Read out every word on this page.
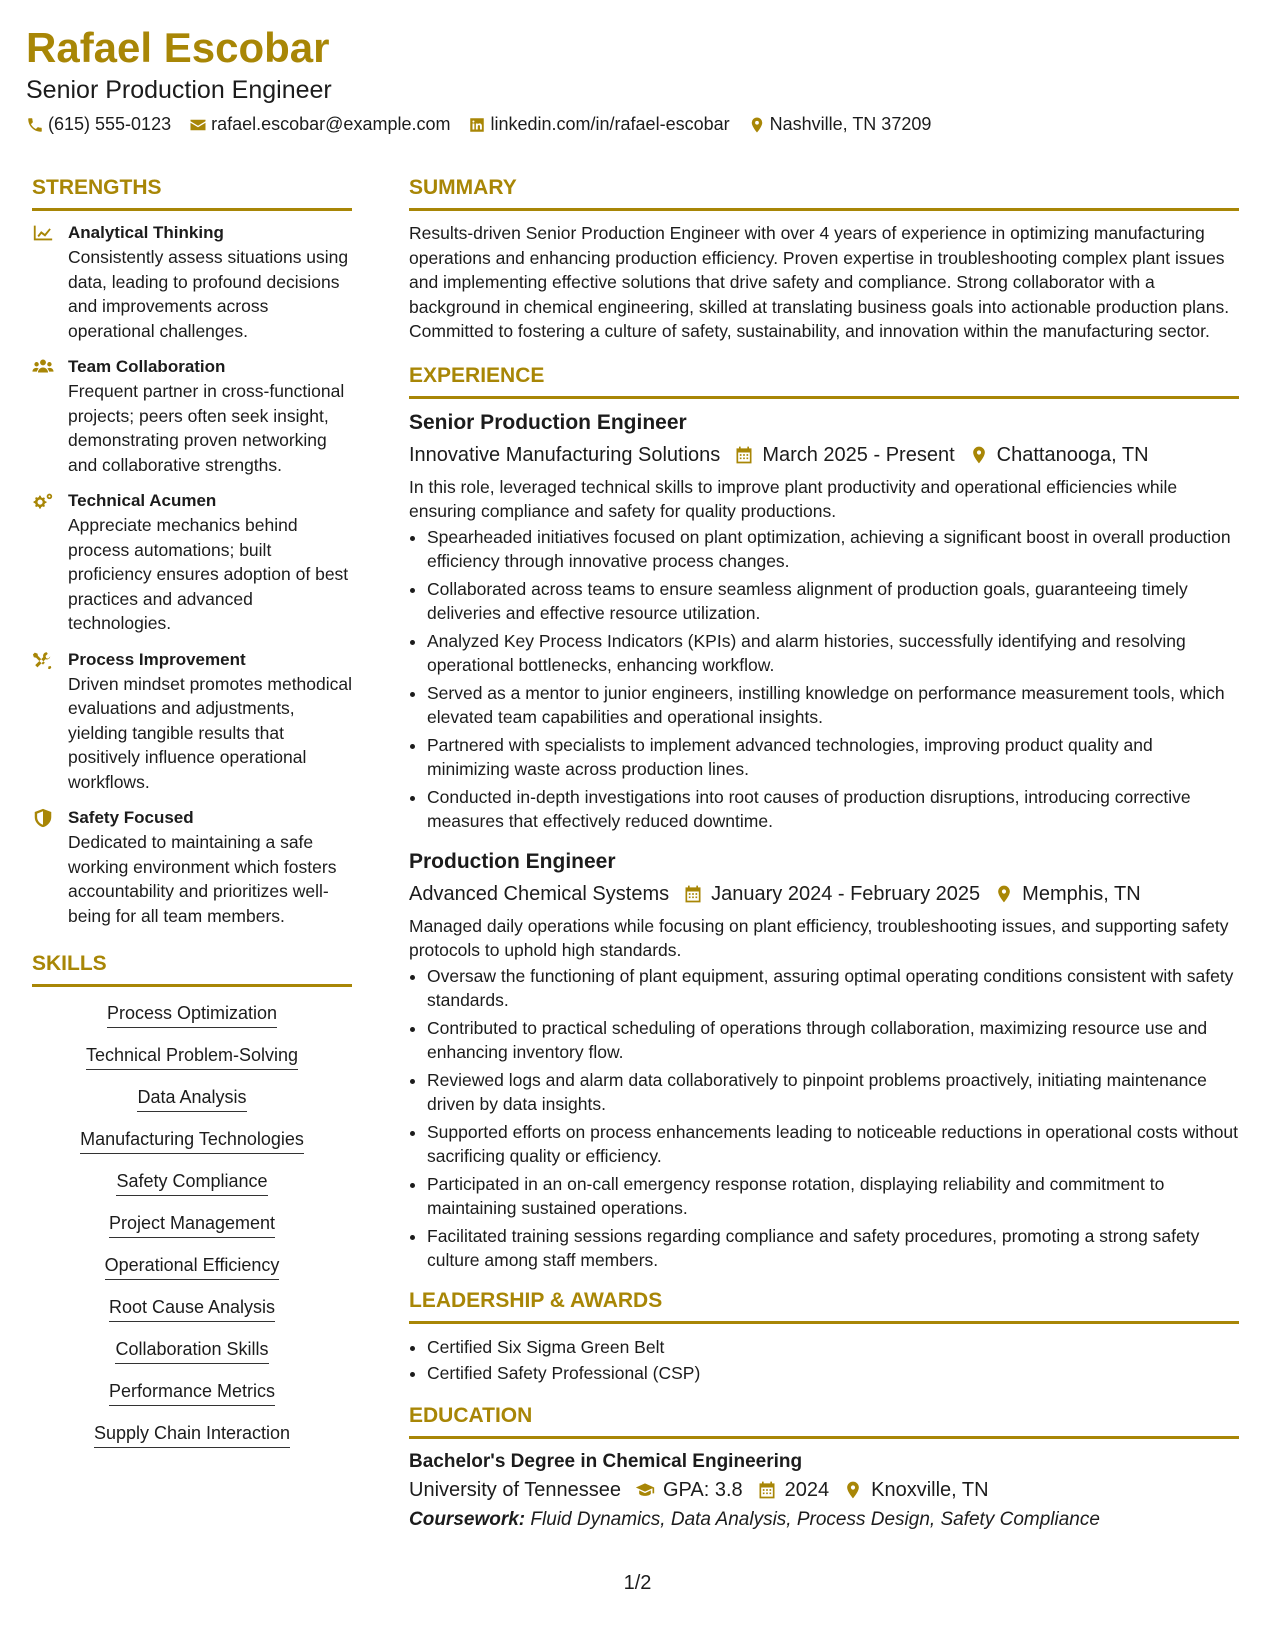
Rafael Escobar
Senior Production Engineer
(615) 555-0123 rafael.escobar@example.com linkedin.com/in/rafael-escobar Nashville, TN 37209
STRENGTHS
Analytical Thinking
Consistently assess situations using data, leading to profound decisions and improvements across operational challenges.
Team Collaboration
Frequent partner in cross-functional projects; peers often seek insight, demonstrating proven networking and collaborative strengths.
Technical Acumen
Appreciate mechanics behind process automations; built proficiency ensures adoption of best practices and advanced technologies.
Process Improvement
Driven mindset promotes methodical evaluations and adjustments, yielding tangible results that positively influence operational workflows.
Safety Focused
Dedicated to maintaining a safe working environment which fosters accountability and prioritizes well-being for all team members.
SKILLS
Process Optimization
Technical Problem-Solving
Data Analysis
Manufacturing Technologies
Safety Compliance
Project Management
Operational Efficiency
Root Cause Analysis
Collaboration Skills
Performance Metrics
Supply Chain Interaction
SUMMARY

Results-driven Senior Production Engineer with over 4 years of experience in optimizing manufacturing operations and enhancing production efficiency. Proven expertise in troubleshooting complex plant issues and implementing effective solutions that drive safety and compliance. Strong collaborator with a background in chemical engineering, skilled at translating business goals into actionable production plans. Committed to fostering a culture of safety, sustainability, and innovation within the manufacturing sector.

EXPERIENCE
Senior Production Engineer
Innovative Manufacturing Solutions March 2025 - Present Chattanooga, TN
In this role, leveraged technical skills to improve plant productivity and operational efficiencies while ensuring compliance and safety for quality productions.
• Spearheaded initiatives focused on plant optimization, achieving a significant boost in overall production efficiency through innovative process changes.
• Collaborated across teams to ensure seamless alignment of production goals, guaranteeing timely deliveries and effective resource utilization.
• Analyzed Key Process Indicators (KPIs) and alarm histories, successfully identifying and resolving operational bottlenecks, enhancing workflow.
• Served as a mentor to junior engineers, instilling knowledge on performance measurement tools, which elevated team capabilities and operational insights.
• Partnered with specialists to implement advanced technologies, improving product quality and minimizing waste across production lines.
• Conducted in-depth investigations into root causes of production disruptions, introducing corrective measures that effectively reduced downtime.
Production Engineer
Advanced Chemical Systems January 2024 - February 2025 Memphis, TN
Managed daily operations while focusing on plant efficiency, troubleshooting issues, and supporting safety protocols to uphold high standards.
• Oversaw the functioning of plant equipment, assuring optimal operating conditions consistent with safety standards.
• Contributed to practical scheduling of operations through collaboration, maximizing resource use and enhancing inventory flow.
• Reviewed logs and alarm data collaboratively to pinpoint problems proactively, initiating maintenance driven by data insights.
• Supported efforts on process enhancements leading to noticeable reductions in operational costs without sacrificing quality or efficiency.
• Participated in an on-call emergency response rotation, displaying reliability and commitment to maintaining sustained operations.
• Facilitated training sessions regarding compliance and safety procedures, promoting a strong safety culture among staff members.
LEADERSHIP & AWARDS
• Certified Six Sigma Green Belt
• Certified Safety Professional (CSP)
EDUCATION
Bachelor's Degree in Chemical Engineering
University of Tennessee GPA: 3.8 2024 Knoxville, TN
Coursework: Fluid Dynamics, Data Analysis, Process Design, Safety Compliance
1/2
